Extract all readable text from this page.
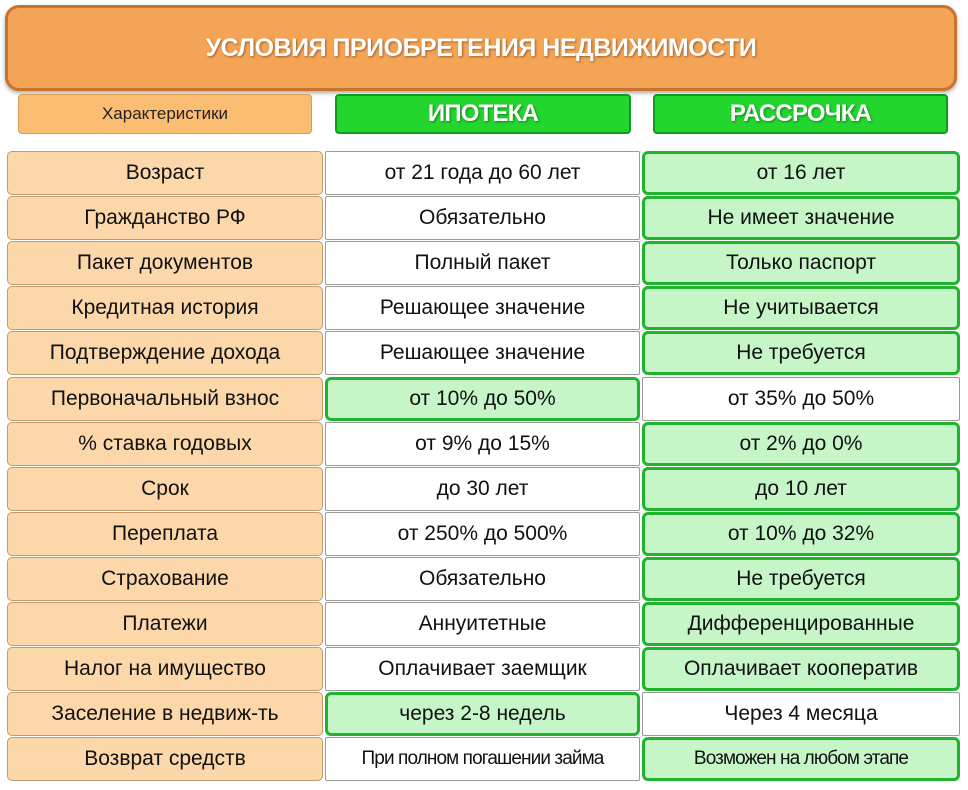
УСЛОВИЯ ПРИОБРЕТЕНИЯ НЕДВИЖИМОСТИ
Характеристики	ИПОТЕКА	РАССРОЧКА
Возраст	от 21 года до 60 лет	от 16 лет
Гражданство РФ	Обязательно	Не имеет значение
Пакет документов	Полный пакет	Только паспорт
Кредитная история	Решающее значение	Не учитывается
Подтверждение дохода	Решающее значение	Не требуется
Первоначальный взнос	от 10% до 50%	от 35% до 50%
% ставка годовых	от 9% до 15%	от 2% до 0%
Срок	до 30 лет	до 10 лет
Переплата	от 250% до 500%	от 10% до 32%
Страхование	Обязательно	Не требуется
Платежи	Аннуитетные	Дифференцированные
Налог на имущество	Оплачивает заемщик	Оплачивает кооператив
Заселение в недвиж-ть	через 2-8 недель	Через 4 месяца
Возврат средств	При полном погашении займа	Возможен на любом этапе
